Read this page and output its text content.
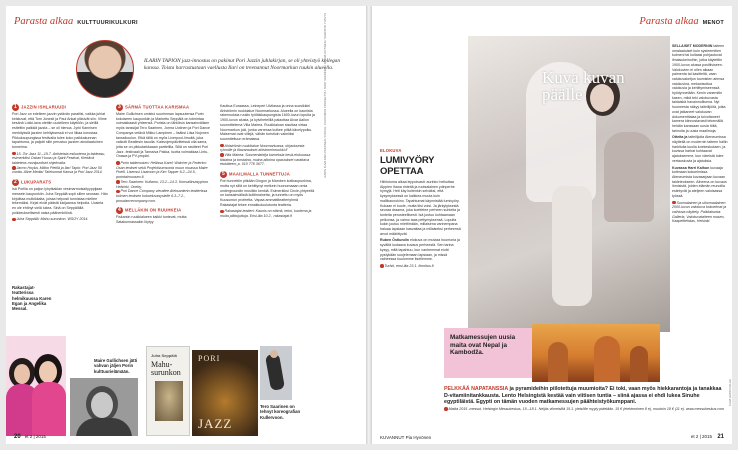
Parasta alkaa KULTTUURIKULKURI
ILARIN TAPION jazz-innostus on pakinut Pori Jazzin juhlakirjan, se oli yhteistyö kollegan kanssa. Toista harrastustaan vaellusta Ilari on treenannut Noormarkun ruukin alueella.
1 JAZZIN ISHLARUUDI
Pori Jazz on edelleen jazzin ystävän paratiisi, vaikka juhlat kiristuvat, että Tom Jonesit ja Paul Ankat pläsivät siin. Viime kesänä Lokki-lava otettiin uudelleen käyttöön, ja sielllä esiteltiin paikkiä jazzia – se oli hienoa. Jyrki Kannisen merkityksiä jazzien kehityksessä ei voi liikaa korostaa. Pikkukaupungissa festivalia tulee koko paikkakunnan tapahtuma, ja paljolti sille perustuu jazzien ainutlaatuinen tunnelma.
15.-Tor Jazz 11.–19.7. Artisteista esiluotena ja taideasu, esimerkiksi Oskari Huuvu ja Spirit Festival, Kiertävä taideteos monipuoliset ohjelmalla.
Jarmo Hoyka, Mikko Pietilä ja Ilari Tapio: Pori Jazz 50 vuotta. Aline Media/ Talekunnat Kansa ja Pori Jazz 2014.
2 LUKUPARATS
Isä Porilla on paljon lyhytkaklan vesimarmoisaityyppijaan messein kaupunkiin. Juha Seppälä sopii sillen seuraan. Hän kirjoittaa mutkikkaita, joissa helposti tunnistaa mieltee tekemäksi. Kirjat eivät päästä lukijaansa helpolla. Uusinta en ole ehtinyt vielä lukea. Sinä on Seppälällä poikkeuksellisesti naisa päähenkilönä.
Juha Seppälä: Mahu-surunkon. WSOY 2014.
3 SÄRMÄ TUOTTAA KARISMAA
Maire Gullichsen omistui suurimman lapsuutensa Porin kokoiseen kaupunkiin ja Markettu Seppälä on toimintaa voimakkaasti yhteensä. Porista on lähtöisin kansainvälisen myös tanssijat Tero Saarinen, Jorma Uotinen ja Pori Dance Companya vetävä Mikko Lampinen – lisäksi Liisa Nojonen tanssikoulun. Etkä tällä on myös Liverpool-limoitä, joka vaikutti Beatlesin tauolla. Kaisvojenpäivitteissä olla sama, jotta se on pikkutarkkaaan parttelilla. Sillä on rasitteet Pori Jazz -festivaali ja Tanssiva Pakka, tuotta voimakkaa Lintu-Onawa ja PV-ympäri.
Porin taidemuseo: Hellissa Karel; Walcher ja Federico Osan teokset sekä Projektivumsonla muun muassa Maire Poelli. Lisenssi Lisaroom ja Kim Tapper 6.2.–24.5., porintaimuuseo.fi.
Tero Saarinen: Kullamo, 13.2.–14.3. Konsallirsasypiron Helsinki, Oneby.
Pori Dance Company vierailee Aleksanterin teatterissa kolmen teoksen kokoeluvasyslelle 6.3–7.2., porudancecompany.com.
4 MELLÄKIN ON RUUHKEIA
Fiskarsin ruukkialueen kaikki tuntevat, mutta Satakunnassakin löytyy
Kauttua Euraassa, Leineperi Ulvilassa ja onna suosikkini Ahlströmin ruukkialue Noormarkussa. Alueella on kaunista rakennuksia ruukin työläiskaupungista 1600-luvun lopulta ja 1900-luvun alusta, ja kylvihetelillä palauttaa Alvar Aallon suunnittelema Villa Mairea. Ruukkialuan sisuttaa virtaa Noormarkun joki, jonka varressa kulkee pitkä kävelypolku. Maisemat ovat villejä, vähän turistiuin valmiiksi suunniteltuun erämaissa.
Ahlströmin ruukkialue Noormarkussa; ohjauksesta ryhmille ja tilavaraukset ahlstrominruukki.fi
Villa Mairea: Suomenlahtija karneksia kesä-elokuussa tiistaina ja torstaina, muina aikoina opastukset varattava etukäteen; p. 010 778 3677.
5 MAAILMALLA TUNNETTUJA
Pori tunnettiin pitkään Dingon ja Mamben kotikaupunkina, mutta nyt sillä on kehittynyt melkein huonomaaan omia undergroundin musiikin kenkiä. Esimerkiksi Circle-yhtyeellä on kansainvälistä kulttimainetta, ja tunnettu on myös Kuusumun profeetta. Vapaa ammattiteatteriyhmä Rakastajat tekee ennakkoluulotonta teatteria.
Rakastajat-teatteri: Kaunis on elämä, tekoi, kuolema ja muita pikkujuttuja. Ensi-ilta 10.2., rakastajat.fi
ILARIN KUVA KARI PEKONEN / CIRCLE: KUUSUMUN PROFEETTA / TERO SAARINEN / JORMA UOTINEN / SAARISTO YHTEYS
Rakastajat-teatterissa helmikuussa Karen Egan ja Angelika Messal.
Maire Gullichsen jätti vahvan jäljen Porin kulttuurielämään.
Juha Seppälä
Mahu-
surunkon
PORI
JAZZ
Tero Saarinen on tehnyt koreografian Kullervoon.
20 et 2 | 2015
Parasta alkaa MENOT
Kuva kuvan päälle
SELLAISET MODERNIN taiteen omalaatuiset kuin systeemitien kulmeni tai kollaasi pohjautuvat ilmaisukeinoihin, jotka käytettiin 1900-luvun alussa positiiviseen. Valokuvien ei ollen alkaan paimenta tai kasitteltä, vaan valokuvaketjun tuomisten arimsa valokuvina, mekanisoitua valokuvia ja kehittymiseenssä hyödynnetään. Kenin vanemitin kasen, mikä teki valokuvasta taidaiskä havainnollisena. Nyt huoneesta näkyy taiteilijöitä, jotka ovat jatkaneet valokuvan dokumenttialaa ja toivottaneet kamera kiinnostavasti tekemällä heidän kanssaan uusia töitä, tarinoita ja uusia maailmoja.
Otteita ja taiteilijoita Ateneumissa näytteilä on modernin taiteen hallin harkitulla kuolla koekeskuksen, ja kuvissa harhat kohtaavat ajatuksemme, kun väreistä tulee vertauskuvia ja ajatuksia.
Kuvassa Harri Kalhun kuvaaja kotimaan kokoelmissa Ateneumista kuvasarjaan kuvaan taideteokseen. Aiheena on kuvaus ihmisistä, joiden elämän reunoilla esiintyvät ja ateljeen valoisassa työssä.
Suomalainen ja ulkomaalainen 2000-luvun valokuva kokoelmat ja vaihtuva näyttely. Paikkakunta: Galleria, Valokuvataiteen museo, Kaapelitehdas, Helsinki.
KUVA HARRI KALHA
ELOKUVA
LUMIVYÖRY OPETTAA
Hiihtoloma alkaa leppoisasti: aurinko helkuttaa Alppien ihana rinteitä ja ruotsalainen ydinperhe hymyjä. Heti käy kuitenkin selväksi, että kysymyksessä on kaikkea muuta kuin mallikaunokino. Tapahtumat käynnistää lumivyöry. Kukaan ei kuole, mutta tilsi voisi. Ja järkytyksestä seuraa draama, joka koettelee perheen suhteita ja tunteita perusteellisesti. Isä joutuu kohtaamaan pelkonsa, ja vaimo taas pettymyksensä. Lopulta kukin joutuu miettimään, millaisena vanhempana haluaa lapsiaan kasvattaa ja millaiseksi perheensä arvot määrittyvät.
Ruben Östlundin elokuva on mustaa huumoria ja syvältä luotaava kuvaus perheestä. Sen tarina kysyy, mitä tapahtuu, kun vanhemmat eivät pystykään suojelemaan lapsiaan, ja missä vaiheessa kuulumme itsellemme.
Turisti, ensi-ilta 23.1. Ilmoitus.fi
Matkamessujen uusia maita ovat Nepal ja Kambodža.
PELKKÄÄ NAPATANSSIA ja pyramideihin piilotettuja muumioita? Ei toki, vaan myös hiekkarantoja ja tanakkaa D-vitamiinitankkausta. Lento Helsingistä kestää vain viitisen tuntia – siinä ajassa ei ehdi lukea Sinuhe egyptiläistä. Egypti on tämän vuoden matkamessujen päähteistyökumppani.
Matka 2015 -messut, Helsingin Messukeskus, 15.–18.1. Neljäs viimeisiltä 15.1. yleisölle myyty pidetään. 15 € (elektroninen 8 e), muutoin 18 € (11 e). www.messukeskus.com
KUVANNUT Pia Hyvönen	et 2 | 2015 21
